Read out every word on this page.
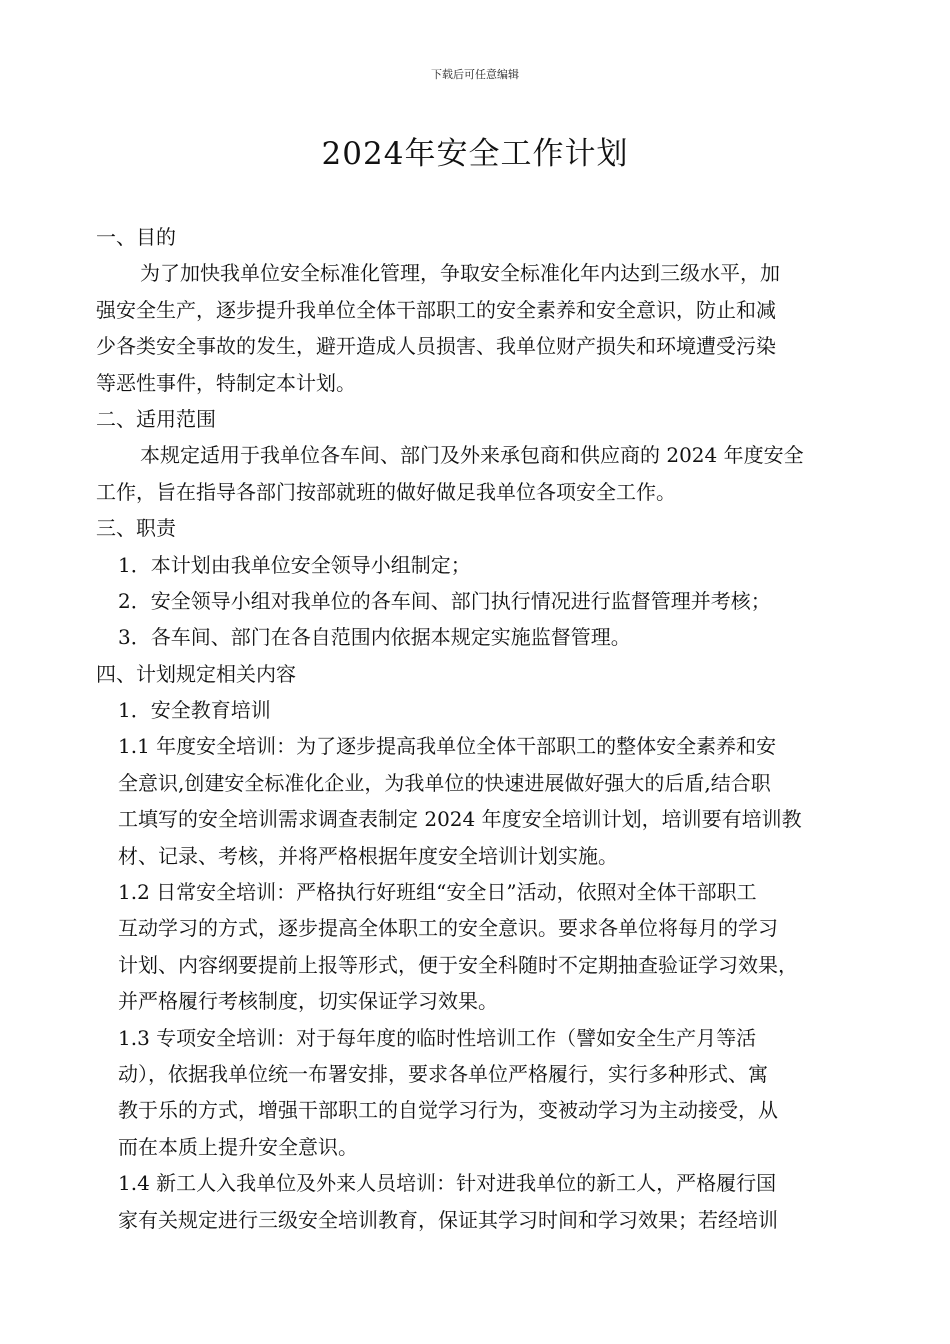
下载后可任意编辑
2024年安全工作计划
一、目的
为了加快我单位安全标准化管理，争取安全标准化年内达到三级水平，加
强安全生产，逐步提升我单位全体干部职工的安全素养和安全意识，防止和减
少各类安全事故的发生，避开造成人员损害、我单位财产损失和环境遭受污染
等恶性事件，特制定本计划。
二、适用范围
本规定适用于我单位各车间、部门及外来承包商和供应商的 2024 年度安全
工作，旨在指导各部门按部就班的做好做足我单位各项安全工作。
三、职责
1．本计划由我单位安全领导小组制定；
2．安全领导小组对我单位的各车间、部门执行情况进行监督管理并考核；
3．各车间、部门在各自范围内依据本规定实施监督管理。
四、计划规定相关内容
1．安全教育培训
1.1 年度安全培训：为了逐步提高我单位全体干部职工的整体安全素养和安
全意识,创建安全标准化企业，为我单位的快速进展做好强大的后盾,结合职
工填写的安全培训需求调查表制定 2024 年度安全培训计划，培训要有培训教
材、记录、考核，并将严格根据年度安全培训计划实施。
1.2 日常安全培训：严格执行好班组“安全日”活动，依照对全体干部职工
互动学习的方式，逐步提高全体职工的安全意识。要求各单位将每月的学习
计划、内容纲要提前上报等形式，便于安全科随时不定期抽查验证学习效果，
并严格履行考核制度，切实保证学习效果。
1.3 专项安全培训：对于每年度的临时性培训工作（譬如安全生产月等活
动），依据我单位统一布署安排，要求各单位严格履行，实行多种形式、寓
教于乐的方式，增强干部职工的自觉学习行为，变被动学习为主动接受，从
而在本质上提升安全意识。
1.4 新工人入我单位及外来人员培训：针对进我单位的新工人，严格履行国
家有关规定进行三级安全培训教育，保证其学习时间和学习效果；若经培训
